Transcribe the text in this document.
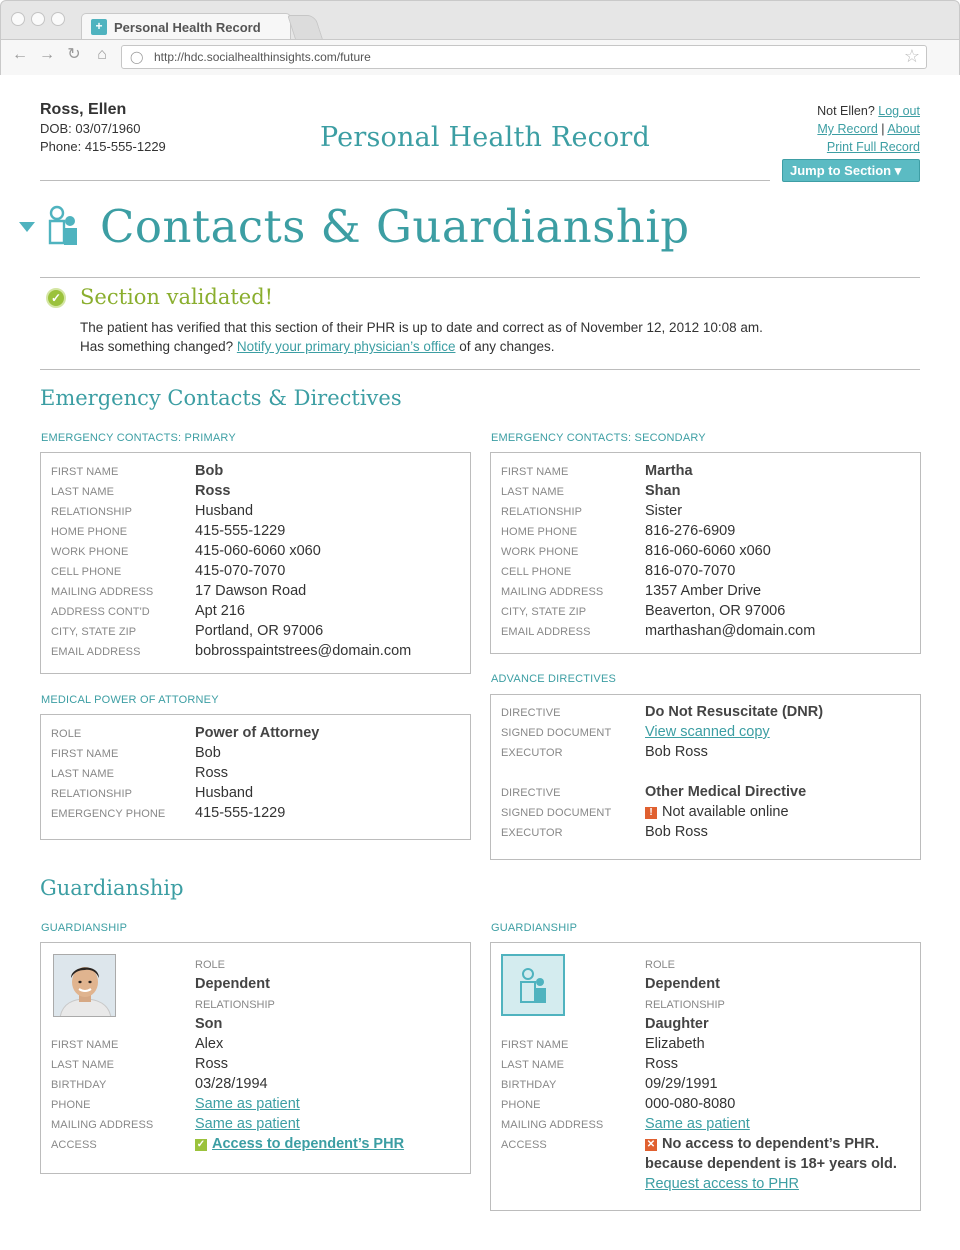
+ Personal Health Record
← → ↻ ⌂	◯ http://hdc.socialhealthinsights.com/future	☆
Ross, Ellen
DOB: 03/07/1960
Phone: 415-555-1229	Personal Health Record
Not Ellen? Log out
My Record | About
Print Full Record
Jump to Section ▾
Contacts & Guardianship
✓ Section validated!
The patient has verified that this section of their PHR is up to date and correct as of November 12, 2012 10:08 am.
Has something changed? Notify your primary physician’s office of any changes.
Emergency Contacts & Directives
EMERGENCY CONTACTS: PRIMARY
FIRST NAME	Bob
LAST NAME	Ross
RELATIONSHIP	Husband
HOME PHONE	415-555-1229
WORK PHONE	415-060-6060 x060
CELL PHONE	415-070-7070
MAILING ADDRESS	17 Dawson Road
ADDRESS CONT'D	Apt 216
CITY, STATE ZIP	Portland, OR 97006
EMAIL ADDRESS	bobrosspaintstrees@domain.com
EMERGENCY CONTACTS: SECONDARY
FIRST NAME	Martha
LAST NAME	Shan
RELATIONSHIP	Sister
HOME PHONE	816-276-6909
WORK PHONE	816-060-6060 x060
CELL PHONE	816-070-7070
MAILING ADDRESS	1357 Amber Drive
CITY, STATE ZIP	Beaverton, OR 97006
EMAIL ADDRESS	marthashan@domain.com
MEDICAL POWER OF ATTORNEY
ROLE	Power of Attorney
FIRST NAME	Bob
LAST NAME	Ross
RELATIONSHIP	Husband
EMERGENCY PHONE 415-555-1229
ADVANCE DIRECTIVES
DIRECTIVE	Do Not Resuscitate (DNR)
SIGNED DOCUMENT View scanned copy
EXECUTOR	Bob Ross
DIRECTIVE	Other Medical Directive
SIGNED DOCUMENT	! Not available online
EXECUTOR	Bob Ross
Guardianship
GUARDIANSHIP
ROLE
Dependent
RELATIONSHIP
Son
FIRST NAME	Alex
LAST NAME	Ross
BIRTHDAY	03/28/1994
PHONE	Same as patient
MAILING ADDRESS	Same as patient
ACCESS	✓ Access to dependent’s PHR
GUARDIANSHIP
ROLE
Dependent
RELATIONSHIP
Daughter
FIRST NAME	Elizabeth
LAST NAME	Ross
BIRTHDAY	09/29/1991
PHONE	000-080-8080
MAILING ADDRESS	Same as patient
ACCESS	✕ No access to dependent’s PHR.
because dependent is 18+ years old.
Request access to PHR
